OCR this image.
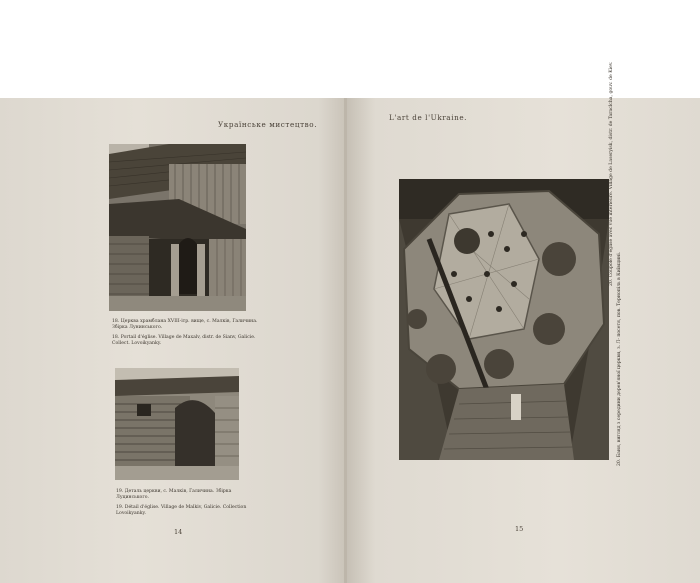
Українське мистецтво.

18. Церква храмблана XVIII-ітр. вище, с. Малків, Галичина. Збірка Лунинського.

18. Portail d'église. Village de Maxalv, distr. de Sianv, Galicie. Collect. Lovoikyanky.

19. Деталь церкви, с. Малків, Галичина. Збірка Луцинського.

19. Détail d'église. Village de Malkiv, Galicie. Collection Lovoikyanky.

14
L'art de l'Ukraine.
20. Баня, вигляд з середини дерев'яної церкви, з. Л- посетя, пов. Тернопіль в Київщині.
20. Coupole d'église avec vue intérieure. Village de Laseryisk, distr. de Taraclcha, gouv. de Kiev.
15
